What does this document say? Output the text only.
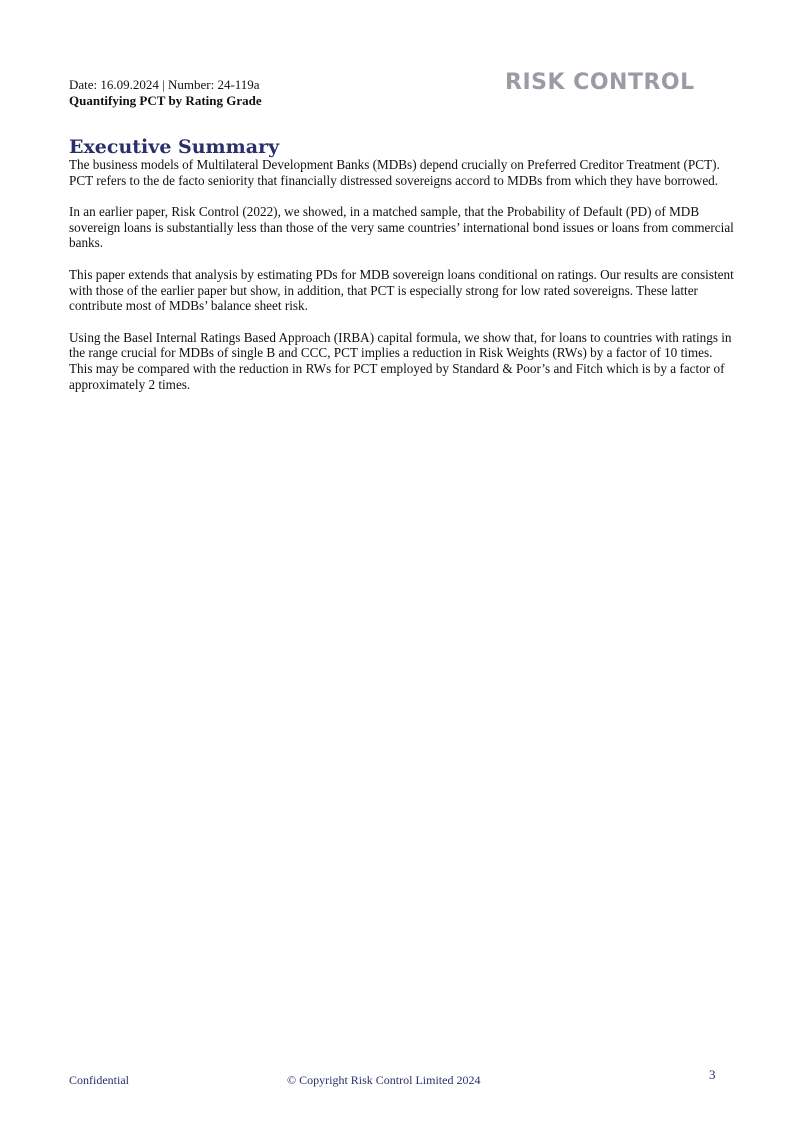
Date: 16.09.2024 | Number: 24-119a
Quantifying PCT by Rating Grade
RISK CONTROL
Executive Summary

The business models of Multilateral Development Banks (MDBs) depend crucially on Preferred Creditor Treatment (PCT). PCT refers to the de facto seniority that financially distressed sovereigns accord to MDBs from which they have borrowed.

In an earlier paper, Risk Control (2022), we showed, in a matched sample, that the Probability of Default (PD) of MDB sovereign loans is substantially less than those of the very same countries’ international bond issues or loans from commercial banks.

This paper extends that analysis by estimating PDs for MDB sovereign loans conditional on ratings. Our results are consistent with those of the earlier paper but show, in addition, that PCT is especially strong for low rated sovereigns. These latter contribute most of MDBs’ balance sheet risk.

Using the Basel Internal Ratings Based Approach (IRBA) capital formula, we show that, for loans to countries with ratings in the range crucial for MDBs of single B and CCC, PCT implies a reduction in Risk Weights (RWs) by a factor of 10 times. This may be compared with the reduction in RWs for PCT employed by Standard & Poor’s and Fitch which is by a factor of approximately 2 times.

Confidential	© Copyright Risk Control Limited 2024	3
